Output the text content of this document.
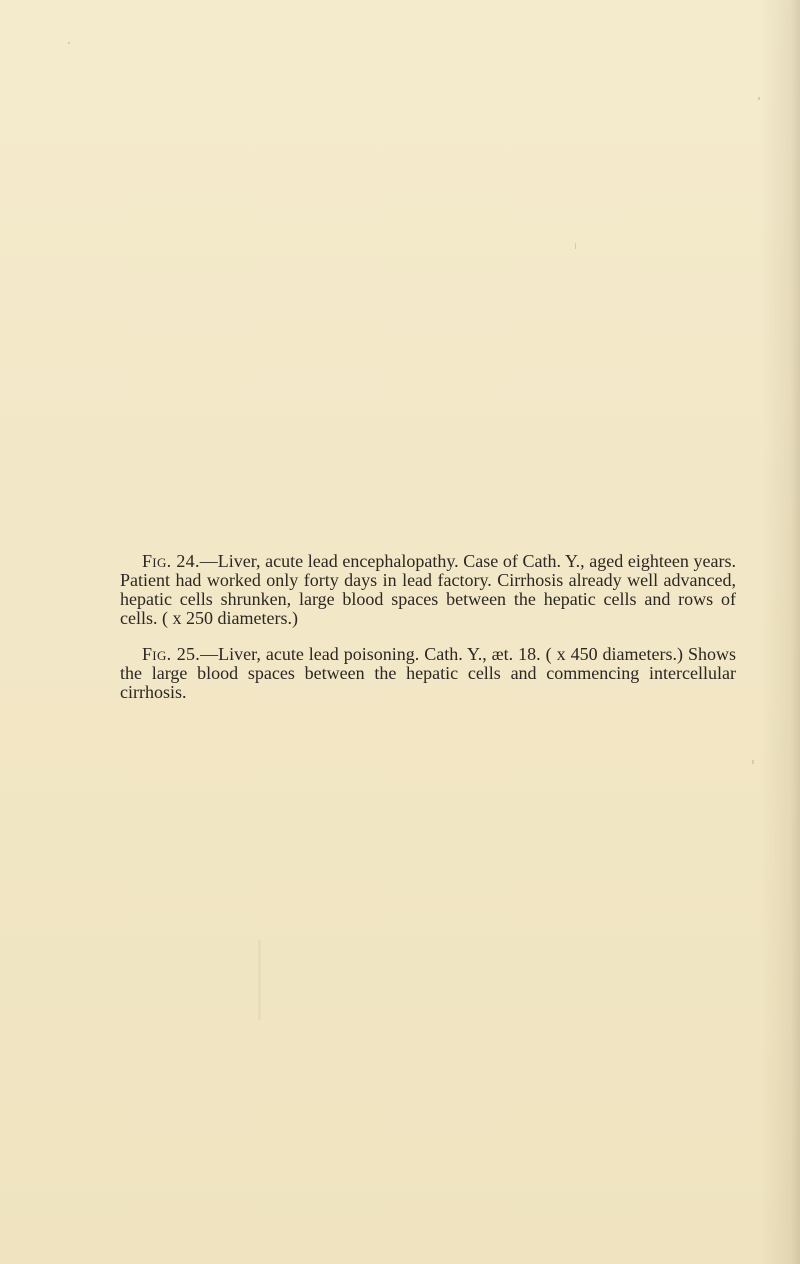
Fig. 24.—Liver, acute lead encephalopathy. Case of Cath. Y., aged eighteen years. Patient had worked only forty days in lead factory. Cirrhosis already well advanced, hepatic cells shrunken, large blood spaces between the hepatic cells and rows of cells. ( x 250 diameters.)

Fig. 25.—Liver, acute lead poisoning. Cath. Y., æt. 18. ( x 450 diameters.) Shows the large blood spaces between the hepatic cells and commencing intercellular cirrhosis.
